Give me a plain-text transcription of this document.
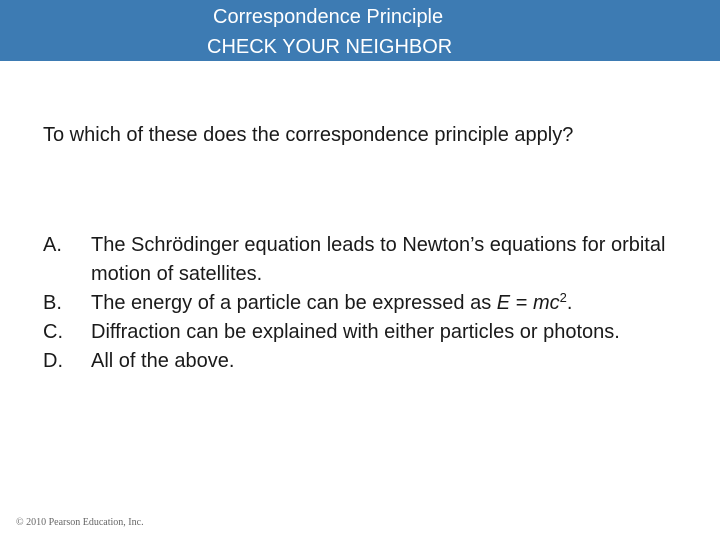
Correspondence Principle
CHECK YOUR NEIGHBOR
To which of these does the correspondence principle apply?
A.	The Schrödinger equation leads to Newton’s equations for orbital motion of satellites.
B.	The energy of a particle can be expressed as $E = mc^2$.
C.	Diffraction can be explained with either particles or photons.
D.	All of the above.
© 2010 Pearson Education, Inc.
